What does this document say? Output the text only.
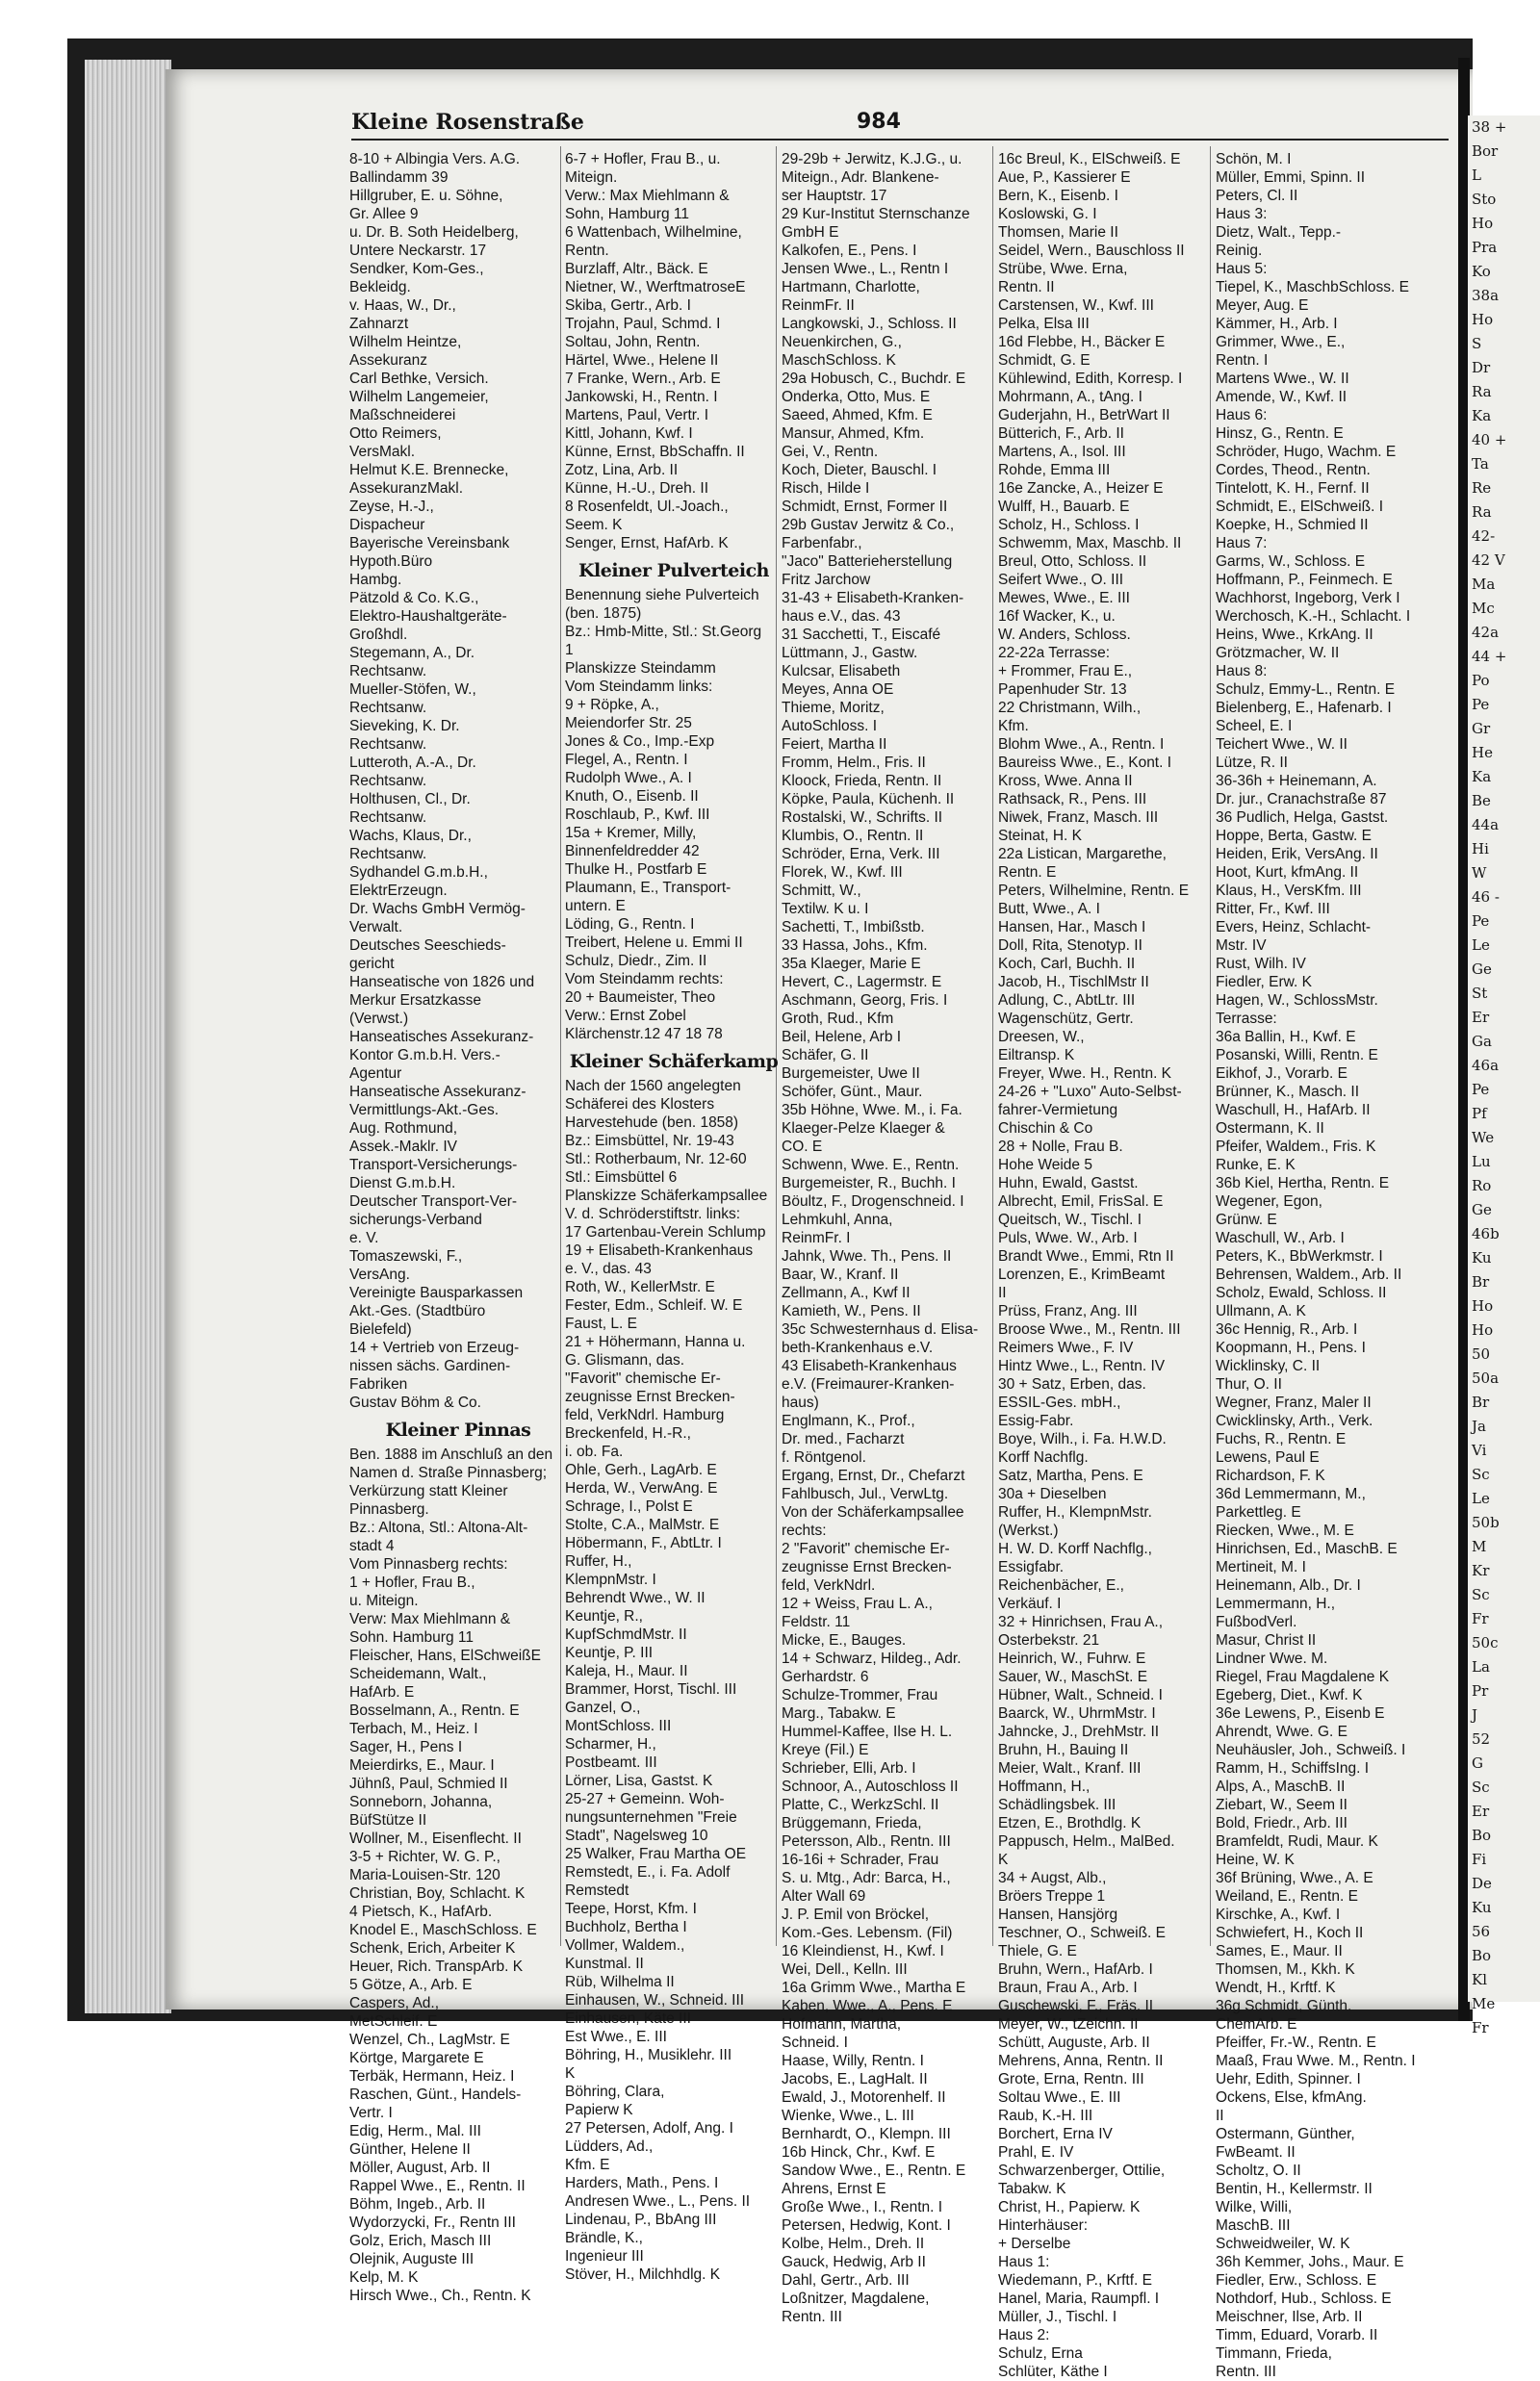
38 +
Bor
L
Sto
Ho
Pra
Ko
38a
Ho
S
Dr
Ra
Ka
40 +
Ta
Re
Ra
42-
42 V
Ma
Mc
42a
44 +
Po
Pe
Gr
He
Ka
Be
44a
Hi
W
46 -
Pe
Le
Ge
St
Er
Ga
46a
Pe
Pf
We
Lu
Ro
Ge
46b
Ku
Br
Ho
Ho
50
50a
Br
Ja
Vi
Sc
Le
50b
M
Kr
Sc
Fr
50c
La
Pr
J
52
G
Sc
Er
Bo
Fi
De
Ku
56
Bo
Kl
Me
Fr
Kleine Rosenstraße	984
8-10 + Albingia Vers. A.G.
Ballindamm 39
Hillgruber, E. u. Söhne,
Gr. Allee 9
u. Dr. B. Soth Heidelberg,
Untere Neckarstr. 17
Sendker, Kom-Ges.,
Bekleidg.
v. Haas, W., Dr.,
Zahnarzt
Wilhelm Heintze,
Assekuranz
Carl Bethke, Versich.
Wilhelm Langemeier,
Maßschneiderei
Otto Reimers,
VersMakl.
Helmut K.E. Brennecke,
AssekuranzMakl.
Zeyse, H.-J.,
Dispacheur
Bayerische Vereinsbank
Hypoth.Büro
Hambg.
Pätzold & Co. K.G.,
Elektro-Haushaltgeräte-
Großhdl.
Stegemann, A., Dr.
Rechtsanw.
Mueller-Stöfen, W.,
Rechtsanw.
Sieveking, K. Dr.
Rechtsanw.
Lutteroth, A.-A., Dr.
Rechtsanw.
Holthusen, Cl., Dr.
Rechtsanw.
Wachs, Klaus, Dr.,
Rechtsanw.
Sydhandel G.m.b.H.,
ElektrErzeugn.
Dr. Wachs GmbH Vermög-
Verwalt.
Deutsches Seeschieds-
gericht
Hanseatische von 1826 und
Merkur Ersatzkasse
(Verwst.)
Hanseatisches Assekuranz-
Kontor G.m.b.H. Vers.-
Agentur
Hanseatische Assekuranz-
Vermittlungs-Akt.-Ges.
Aug. Rothmund,
Assek.-Maklr. IV
Transport-Versicherungs-
Dienst G.m.b.H.
Deutscher Transport-Ver-
sicherungs-Verband
e. V.
Tomaszewski, F.,
VersAng.
Vereinigte Bausparkassen
Akt.-Ges. (Stadtbüro
Bielefeld)
14 + Vertrieb von Erzeug-
nissen sächs. Gardinen-
Fabriken
Gustav Böhm & Co.
Kleiner Pinnas
Ben. 1888 im Anschluß an den
Namen d. Straße Pinnasberg;
Verkürzung statt Kleiner
Pinnasberg.
Bz.: Altona, Stl.: Altona-Alt-
stadt 4
Vom Pinnasberg rechts:
1 + Hofler, Frau B.,
u. Miteign.
Verw: Max Miehlmann &
Sohn. Hamburg 11
Fleischer, Hans, ElSchweißE
Scheidemann, Walt.,
HafArb. E
Bosselmann, A., Rentn. E
Terbach, M., Heiz. I
Sager, H., Pens I
Meierdirks, E., Maur. I
Jühnß, Paul, Schmied II
Sonneborn, Johanna,
BüfStütze II
Wollner, M., Eisenflecht. II
3-5 + Richter, W. G. P.,
Maria-Louisen-Str. 120
Christian, Boy, Schlacht. K
4 Pietsch, K., HafArb.
Knodel E., MaschSchloss. E
Schenk, Erich, Arbeiter K
Heuer, Rich. TranspArb. K
5 Götze, A., Arb. E
Caspers, Ad.,
MetSchleif. E
Wenzel, Ch., LagMstr. E
Körtge, Margarete E
Terbäk, Hermann, Heiz. I
Raschen, Günt., Handels-
Vertr. I
Edig, Herm., Mal. III
Günther, Helene II
Möller, August, Arb. II
Rappel Wwe., E., Rentn. II
Böhm, Ingeb., Arb. II
Wydorzycki, Fr., Rentn III
Golz, Erich, Masch III
Olejnik, Auguste III
Kelp, M. K
Hirsch Wwe., Ch., Rentn. K
6-7 + Hofler, Frau B., u.
Miteign.
Verw.: Max Miehlmann &
Sohn, Hamburg 11
6 Wattenbach, Wilhelmine,
Rentn.
Burzlaff, Altr., Bäck. E
Nietner, W., WerftmatroseE
Skiba, Gertr., Arb. I
Trojahn, Paul, Schmd. I
Soltau, John, Rentn.
Härtel, Wwe., Helene II
7 Franke, Wern., Arb. E
Jankowski, H., Rentn. I
Martens, Paul, Vertr. I
Kittl, Johann, Kwf. I
Künne, Ernst, BbSchaffn. II
Zotz, Lina, Arb. II
Künne, H.-U., Dreh. II
8 Rosenfeldt, Ul.-Joach.,
Seem. K
Senger, Ernst, HafArb. K
Kleiner Pulverteich
Benennung siehe Pulverteich
(ben. 1875)
Bz.: Hmb-Mitte, Stl.: St.Georg
1
Planskizze Steindamm
Vom Steindamm links:
9 + Röpke, A.,
Meiendorfer Str. 25
Jones & Co., Imp.-Exp
Flegel, A., Rentn. I
Rudolph Wwe., A. I
Knuth, O., Eisenb. II
Roschlaub, P., Kwf. III
15a + Kremer, Milly,
Binnenfeldredder 42
Thulke H., Postfarb E
Plaumann, E., Transport-
untern. E
Löding, G., Rentn. I
Treibert, Helene u. Emmi II
Schulz, Diedr., Zim. II
Vom Steindamm rechts:
20 + Baumeister, Theo
Verw.: Ernst Zobel
Klärchenstr.12 47 18 78
Kleiner Schäferkamp
Nach der 1560 angelegten
Schäferei des Klosters
Harvestehude (ben. 1858)
Bz.: Eimsbüttel, Nr. 19-43
Stl.: Rotherbaum, Nr. 12-60
Stl.: Eimsbüttel 6
Planskizze Schäferkampsallee
V. d. Schröderstiftstr. links:
17 Gartenbau-Verein Schlump
19 + Elisabeth-Krankenhaus
e. V., das. 43
Roth, W., KellerMstr. E
Fester, Edm., Schleif. W. E
Faust, L. E
21 + Höhermann, Hanna u.
G. Glismann, das.
"Favorit" chemische Er-
zeugnisse Ernst Brecken-
feld, VerkNdrl. Hamburg
Breckenfeld, H.-R.,
i. ob. Fa.
Ohle, Gerh., LagArb. E
Herda, W., VerwAng. E
Schrage, I., Polst E
Stolte, C.A., MalMstr. E
Höbermann, F., AbtLtr. I
Ruffer, H.,
KlempnMstr. I
Behrendt Wwe., W. II
Keuntje, R.,
KupfSchmdMstr. II
Keuntje, P. III
Kaleja, H., Maur. II
Brammer, Horst, Tischl. III
Ganzel, O.,
MontSchloss. III
Scharmer, H.,
Postbeamt. III
Lörner, Lisa, Gastst. K
25-27 + Gemeinn. Woh-
nungsunternehmen "Freie
Stadt", Nagelsweg 10
25 Walker, Frau Martha OE
Remstedt, E., i. Fa. Adolf
Remstedt
Teepe, Horst, Kfm. I
Buchholz, Bertha I
Vollmer, Waldem.,
Kunstmal. II
Rüb, Wilhelma II
Einhausen, W., Schneid. III
Einhausen, Käte III
Est Wwe., E. III
Böhring, H., Musiklehr. III
K
Böhring, Clara,
Papierw K
27 Petersen, Adolf, Ang. I
Lüdders, Ad.,
Kfm. E
Harders, Math., Pens. I
Andresen Wwe., L., Pens. II
Lindenau, P., BbAng III
Brändle, K.,
Ingenieur III
Stöver, H., Milchhdlg. K
29-29b + Jerwitz, K.J.G., u.
Miteign., Adr. Blankene-
ser Hauptstr. 17
29 Kur-Institut Sternschanze
GmbH E
Kalkofen, E., Pens. I
Jensen Wwe., L., Rentn I
Hartmann, Charlotte,
ReinmFr. II
Langkowski, J., Schloss. II
Neuenkirchen, G.,
MaschSchloss. K
29a Hobusch, C., Buchdr. E
Onderka, Otto, Mus. E
Saeed, Ahmed, Kfm. E
Mansur, Ahmed, Kfm.
Gei, V., Rentn.
Koch, Dieter, Bauschl. I
Risch, Hilde I
Schmidt, Ernst, Former II
29b Gustav Jerwitz & Co.,
Farbenfabr.,
"Jaco" Batterieherstellung
Fritz Jarchow
31-43 + Elisabeth-Kranken-
haus e.V., das. 43
31 Sacchetti, T., Eiscafé
Lüttmann, J., Gastw.
Kulcsar, Elisabeth
Meyes, Anna OE
Thieme, Moritz,
AutoSchloss. I
Feiert, Martha II
Fromm, Helm., Fris. II
Kloock, Frieda, Rentn. II
Köpke, Paula, Küchenh. II
Rostalski, W., Schrifts. II
Klumbis, O., Rentn. II
Schröder, Erna, Verk. III
Florek, W., Kwf. III
Schmitt, W.,
Textilw. K u. I
Sachetti, T., Imbißstb.
33 Hassa, Johs., Kfm.
35a Klaeger, Marie E
Hevert, C., Lagermstr. E
Aschmann, Georg, Fris. I
Groth, Rud., Kfm
Beil, Helene, Arb I
Schäfer, G. II
Burgemeister, Uwe II
Schöfer, Günt., Maur.
35b Höhne, Wwe. M., i. Fa.
Klaeger-Pelze Klaeger &
CO. E
Schwenn, Wwe. E., Rentn.
Burgemeister, R., Buchh. I
Böultz, F., Drogenschneid. I
Lehmkuhl, Anna,
ReinmFr. I
Jahnk, Wwe. Th., Pens. II
Baar, W., Kranf. II
Zellmann, A., Kwf II
Kamieth, W., Pens. II
35c Schwesternhaus d. Elisa-
beth-Krankenhaus e.V.
43 Elisabeth-Krankenhaus
e.V. (Freimaurer-Kranken-
haus)
Englmann, K., Prof.,
Dr. med., Facharzt
f. Röntgenol.
Ergang, Ernst, Dr., Chefarzt
Fahlbusch, Jul., VerwLtg.
Von der Schäferkampsallee
rechts:
2 "Favorit" chemische Er-
zeugnisse Ernst Brecken-
feld, VerkNdrl.
12 + Weiss, Frau L. A.,
Feldstr. 11
Micke, E., Bauges.
14 + Schwarz, Hildeg., Adr.
Gerhardstr. 6
Schulze-Trommer, Frau
Marg., Tabakw. E
Hummel-Kaffee, Ilse H. L.
Kreye (Fil.) E
Schrieber, Elli, Arb. I
Schnoor, A., Autoschloss II
Platte, C., WerkzSchl. II
Brüggemann, Frieda,
Petersson, Alb., Rentn. III
16-16i + Schrader, Frau
S. u. Mtg., Adr: Barca, H.,
Alter Wall 69
J. P. Emil von Bröckel,
Kom.-Ges. Lebensm. (Fil)
16 Kleindienst, H., Kwf. I
Wei, Dell., Kelln. III
16a Grimm Wwe., Martha E
Kaben, Wwe., A., Pens. E
Hofmann, Martha,
Schneid. I
Haase, Willy, Rentn. I
Jacobs, E., LagHalt. II
Ewald, J., Motorenhelf. II
Wienke, Wwe., L. III
Bernhardt, O., Klempn. III
16b Hinck, Chr., Kwf. E
Sandow Wwe., E., Rentn. E
Ahrens, Ernst E
Große Wwe., I., Rentn. I
Petersen, Hedwig, Kont. I
Kolbe, Helm., Dreh. II
Gauck, Hedwig, Arb II
Dahl, Gertr., Arb. III
Loßnitzer, Magdalene,
Rentn. III
16c Breul, K., ElSchweiß. E
Aue, P., Kassierer E
Bern, K., Eisenb. I
Koslowski, G. I
Thomsen, Marie II
Seidel, Wern., Bauschloss II
Strübe, Wwe. Erna,
Rentn. II
Carstensen, W., Kwf. III
Pelka, Elsa III
16d Flebbe, H., Bäcker E
Schmidt, G. E
Kühlewind, Edith, Korresp. I
Mohrmann, A., tAng. I
Guderjahn, H., BetrWart II
Bütterich, F., Arb. II
Martens, A., Isol. III
Rohde, Emma III
16e Zancke, A., Heizer E
Wulff, H., Bauarb. E
Scholz, H., Schloss. I
Schwemm, Max, Maschb. II
Breul, Otto, Schloss. II
Seifert Wwe., O. III
Mewes, Wwe., E. III
16f Wacker, K., u.
W. Anders, Schloss.
22-22a Terrasse:
+ Frommer, Frau E.,
Papenhuder Str. 13
22 Christmann, Wilh.,
Kfm.
Blohm Wwe., A., Rentn. I
Baureiss Wwe., E., Kont. I
Kross, Wwe. Anna II
Rathsack, R., Pens. III
Niwek, Franz, Masch. III
Steinat, H. K
22a Listican, Margarethe,
Rentn. E
Peters, Wilhelmine, Rentn. E
Butt, Wwe., A. I
Hansen, Har., Masch I
Doll, Rita, Stenotyp. II
Koch, Carl, Buchh. II
Jacob, H., TischlMstr II
Adlung, C., AbtLtr. III
Wagenschütz, Gertr.
Dreesen, W.,
Eiltransp. K
Freyer, Wwe. H., Rentn. K
24-26 + "Luxo" Auto-Selbst-
fahrer-Vermietung
Chischin & Co
28 + Nolle, Frau B.
Hohe Weide 5
Huhn, Ewald, Gastst.
Albrecht, Emil, FrisSal. E
Queitsch, W., Tischl. I
Puls, Wwe. W., Arb. I
Brandt Wwe., Emmi, Rtn II
Lorenzen, E., KrimBeamt
II
Prüss, Franz, Ang. III
Broose Wwe., M., Rentn. III
Reimers Wwe., F. IV
Hintz Wwe., L., Rentn. IV
30 + Satz, Erben, das.
ESSIL-Ges. mbH.,
Essig-Fabr.
Boye, Wilh., i. Fa. H.W.D.
Korff Nachflg.
Satz, Martha, Pens. E
30a + Dieselben
Ruffer, H., KlempnMstr.
(Werkst.)
H. W. D. Korff Nachflg.,
Essigfabr.
Reichenbächer, E.,
Verkäuf. I
32 + Hinrichsen, Frau A.,
Osterbekstr. 21
Heinrich, W., Fuhrw. E
Sauer, W., MaschSt. E
Hübner, Walt., Schneid. I
Baarck, W., UhrmMstr. I
Jahncke, J., DrehMstr. II
Bruhn, H., Bauing II
Meier, Walt., Kranf. III
Hoffmann, H.,
Schädlingsbek. III
Etzen, E., Brothdlg. K
Pappusch, Helm., MalBed.
K
34 + Augst, Alb.,
Bröers Treppe 1
Hansen, Hansjörg
Teschner, O., Schweiß. E
Thiele, G. E
Bruhn, Wern., HafArb. I
Braun, Frau A., Arb. I
Guschewski, F., Fräs. II
Meyer, W., tZeichn. II
Schütt, Auguste, Arb. II
Mehrens, Anna, Rentn. II
Grote, Erna, Rentn. III
Soltau Wwe., E. III
Raub, K.-H. III
Borchert, Erna IV
Prahl, E. IV
Schwarzenberger, Ottilie,
Tabakw. K
Christ, H., Papierw. K
Hinterhäuser:
+ Derselbe
Haus 1:
Wiedemann, P., Krftf. E
Hanel, Maria, Raumpfl. I
Müller, J., Tischl. I
Haus 2:
Schulz, Erna
Schlüter, Käthe I
Schön, M. I
Müller, Emmi, Spinn. II
Peters, Cl. II
Haus 3:
Dietz, Walt., Tepp.-
Reinig.
Haus 5:
Tiepel, K., MaschbSchloss. E
Meyer, Aug. E
Kämmer, H., Arb. I
Grimmer, Wwe., E.,
Rentn. I
Martens Wwe., W. II
Amende, W., Kwf. II
Haus 6:
Hinsz, G., Rentn. E
Schröder, Hugo, Wachm. E
Cordes, Theod., Rentn.
Tintelott, K. H., Fernf. II
Schmidt, E., ElSchweiß. I
Koepke, H., Schmied II
Haus 7:
Garms, W., Schloss. E
Hoffmann, P., Feinmech. E
Wachhorst, Ingeborg, Verk I
Werchosch, K.-H., Schlacht. I
Heins, Wwe., KrkAng. II
Grötzmacher, W. II
Haus 8:
Schulz, Emmy-L., Rentn. E
Bielenberg, E., Hafenarb. I
Scheel, E. I
Teichert Wwe., W. II
Lütze, R. II
36-36h + Heinemann, A.
Dr. jur., Cranachstraße 87
36 Pudlich, Helga, Gastst.
Hoppe, Berta, Gastw. E
Heiden, Erik, VersAng. II
Hoot, Kurt, kfmAng. II
Klaus, H., VersKfm. III
Ritter, Fr., Kwf. III
Evers, Heinz, Schlacht-
Mstr. IV
Rust, Wilh. IV
Fiedler, Erw. K
Hagen, W., SchlossMstr.
Terrasse:
36a Ballin, H., Kwf. E
Posanski, Willi, Rentn. E
Eikhof, J., Vorarb. E
Brünner, K., Masch. II
Waschull, H., HafArb. II
Ostermann, K. II
Pfeifer, Waldem., Fris. K
Runke, E. K
36b Kiel, Hertha, Rentn. E
Wegener, Egon,
Grünw. E
Waschull, W., Arb. I
Peters, K., BbWerkmstr. I
Behrensen, Waldem., Arb. II
Scholz, Ewald, Schloss. II
Ullmann, A. K
36c Hennig, R., Arb. I
Koopmann, H., Pens. I
Wicklinsky, C. II
Thur, O. II
Wegner, Franz, Maler II
Cwicklinsky, Arth., Verk.
Fuchs, R., Rentn. E
Lewens, Paul E
Richardson, F. K
36d Lemmermann, M.,
Parkettleg. E
Riecken, Wwe., M. E
Hinrichsen, Ed., MaschB. E
Mertineit, M. I
Heinemann, Alb., Dr. I
Lemmermann, H.,
FußbodVerl.
Masur, Christ II
Lindner Wwe. M.
Riegel, Frau Magdalene K
Egeberg, Diet., Kwf. K
36e Lewens, P., Eisenb E
Ahrendt, Wwe. G. E
Neuhäusler, Joh., Schweiß. I
Ramm, H., SchiffsIng. I
Alps, A., MaschB. II
Ziebart, W., Seem II
Bold, Friedr., Arb. III
Bramfeldt, Rudi, Maur. K
Heine, W. K
36f Brüning, Wwe., A. E
Weiland, E., Rentn. E
Kirschke, A., Kwf. I
Schwiefert, H., Koch II
Sames, E., Maur. II
Thomsen, M., Kkh. K
Wendt, H., Krftf. K
36g Schmidt, Günth.
ChemArb. E
Pfeiffer, Fr.-W., Rentn. E
Maaß, Frau Wwe. M., Rentn. I
Uehr, Edith, Spinner. I
Ockens, Else, kfmAng.
II
Ostermann, Günther,
FwBeamt. II
Scholtz, O. II
Bentin, H., Kellermstr. II
Wilke, Willi,
MaschB. III
Schweidweiler, W. K
36h Kemmer, Johs., Maur. E
Fiedler, Erw., Schloss. E
Nothdorf, Hub., Schloss. E
Meischner, Ilse, Arb. II
Timm, Eduard, Vorarb. II
Timmann, Frieda,
Rentn. III
